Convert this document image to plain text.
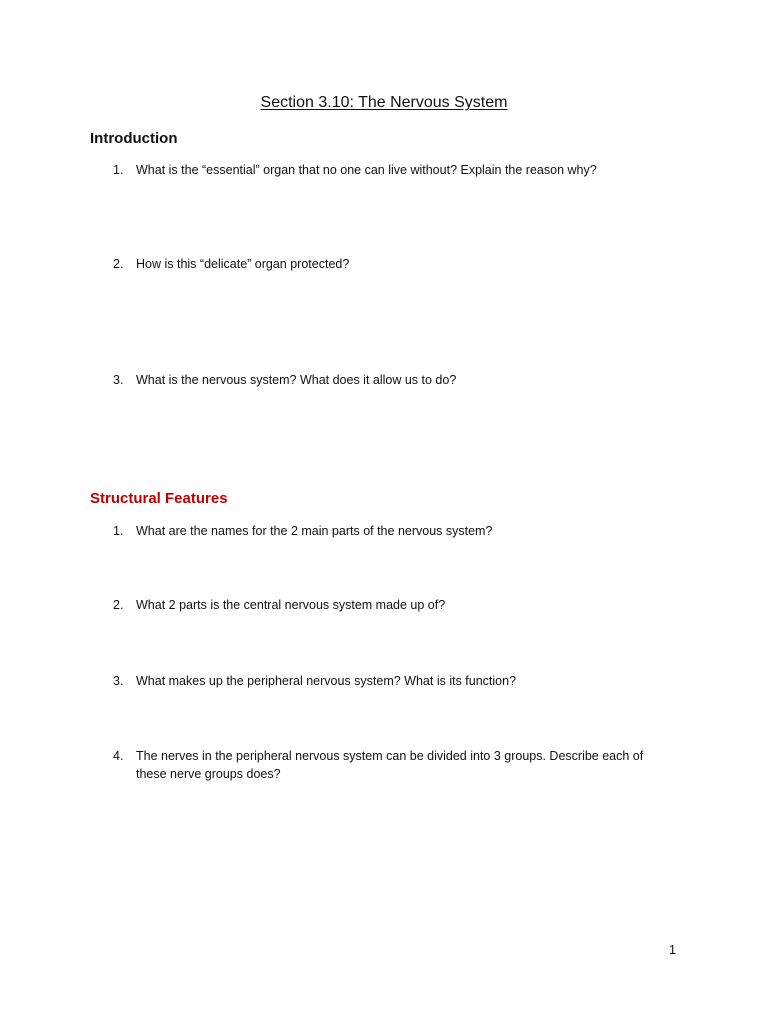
Section 3.10: The Nervous System
Introduction
1.	What is the “essential” organ that no one can live without? Explain the reason why?
2.	How is this “delicate” organ protected?
3.	What is the nervous system? What does it allow us to do?
Structural Features
1.	What are the names for the 2 main parts of the nervous system?
2.	What 2 parts is the central nervous system made up of?
3.	What makes up the peripheral nervous system? What is its function?
4.	The nerves in the peripheral nervous system can be divided into 3 groups. Describe each of these nerve groups does?
1
